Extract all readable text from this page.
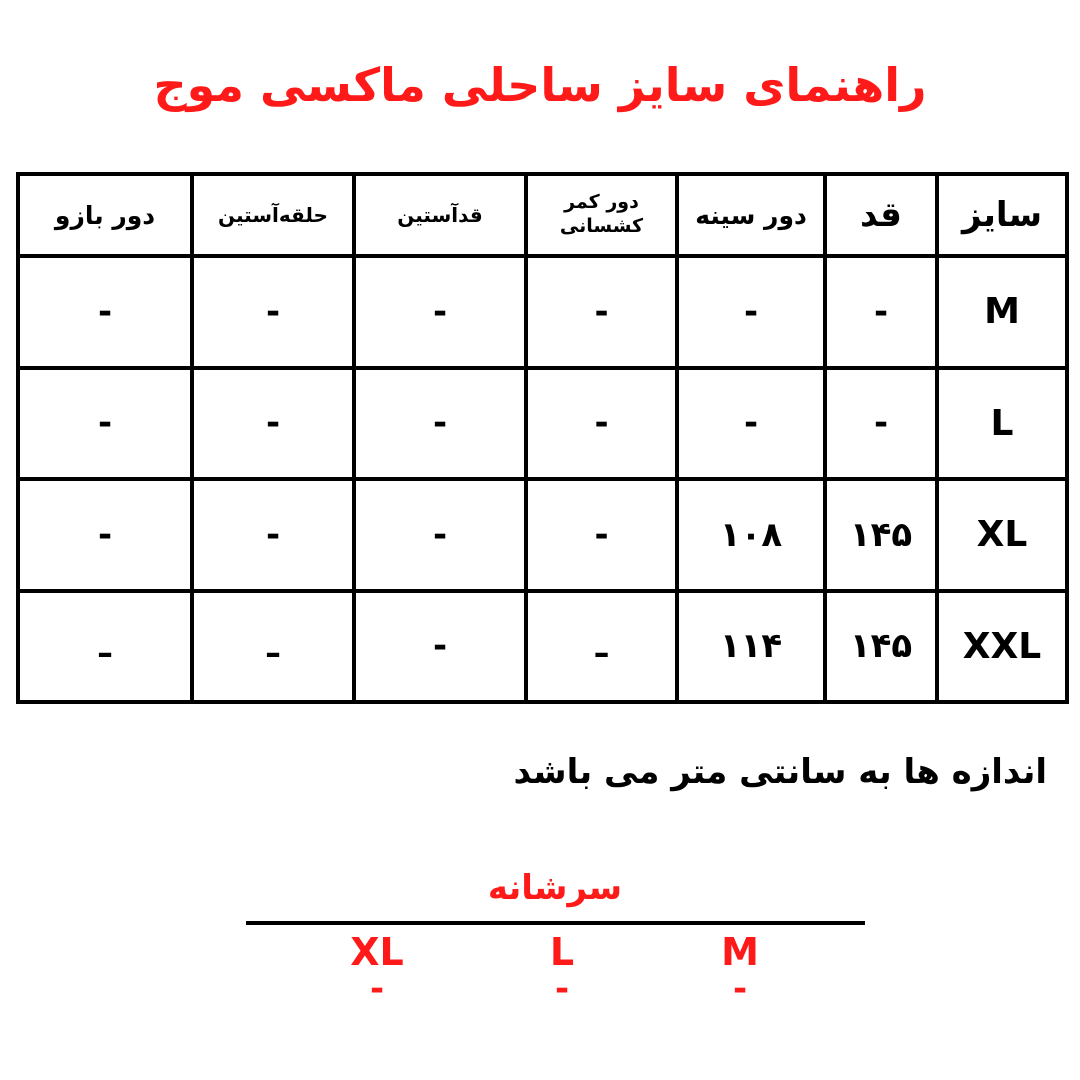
راهنمای سایز ساحلی ماکسی موج
سایز	قد	دور سینه	دور کمر کشسانی	قدآستین	حلقه‌آستین	دور بازو
M	-	-	-	-	-	-
L	-	-	-	-	-	-
XL	۱۴۵	۱۰۸	-	-	-	-
XXL	۱۴۵	۱۱۴	ـ	-	ـ	ـ
اندازه ها به سانتی متر می باشد
سرشانه
M
-
L
-
XL
-
